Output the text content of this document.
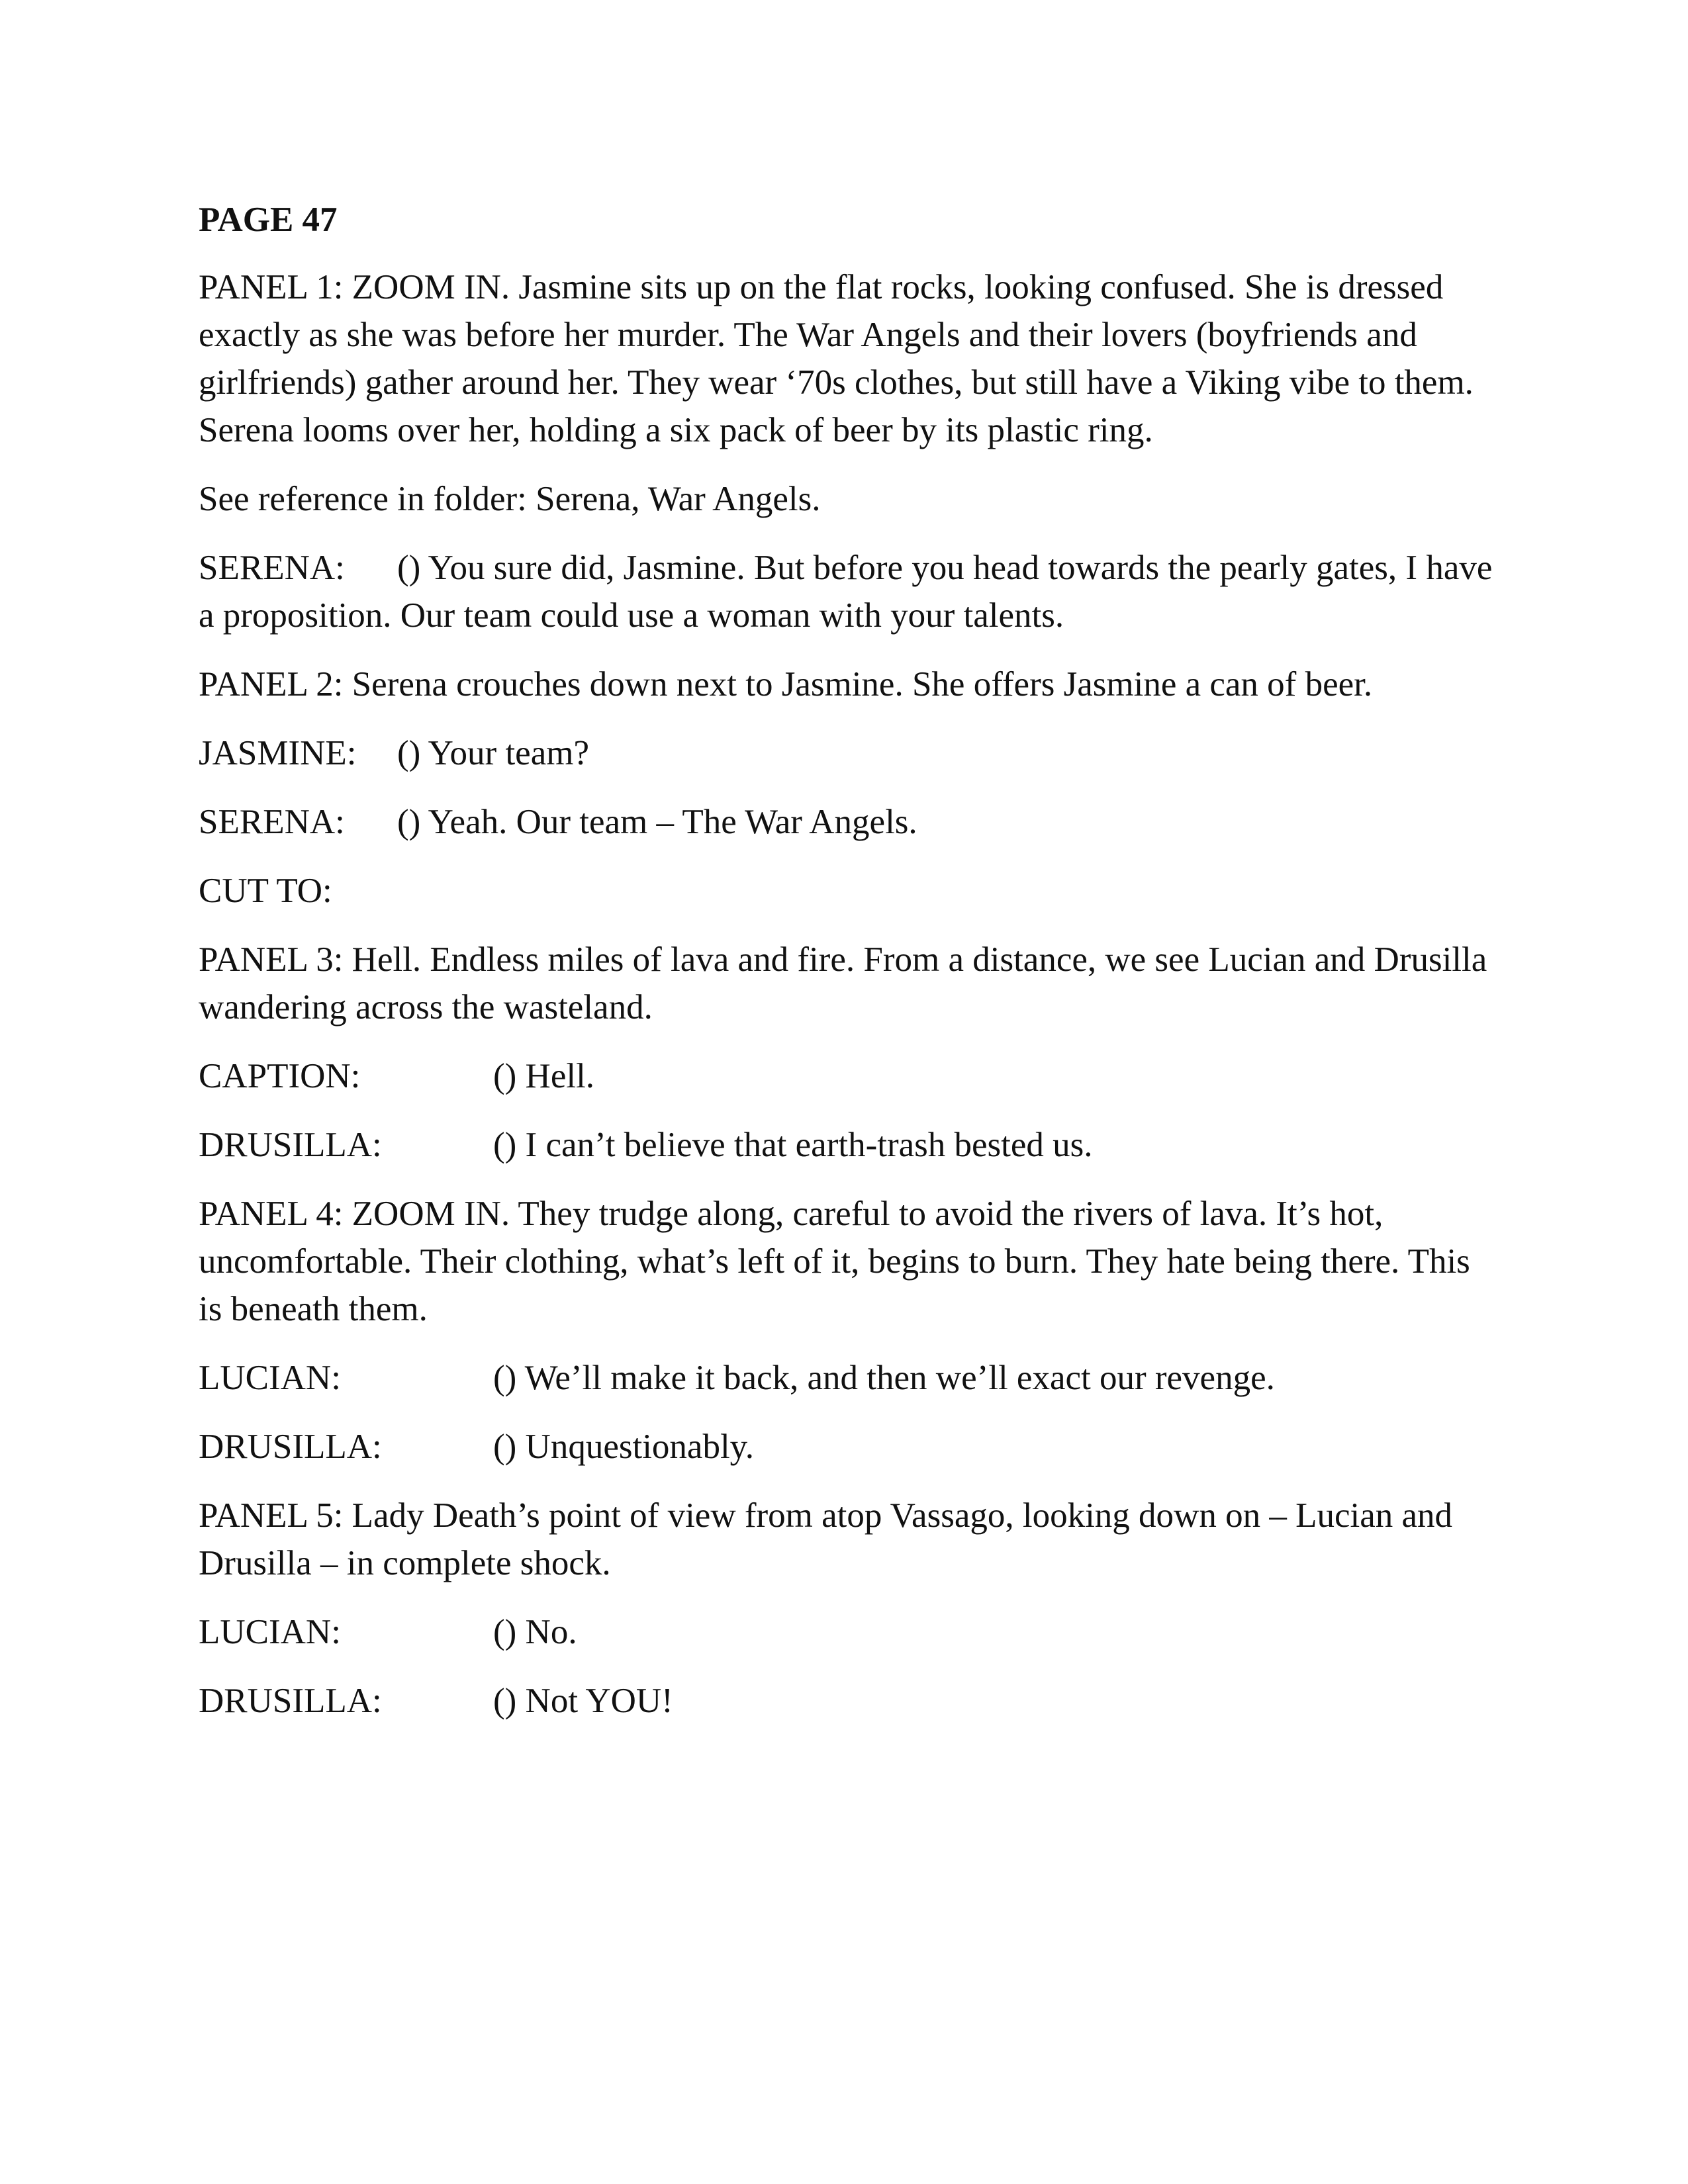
PAGE 47
PANEL 1: ZOOM IN. Jasmine sits up on the flat rocks, looking confused. She is dressed exactly as she was before her murder. The War Angels and their lovers (boyfriends and girlfriends) gather around her. They wear ‘70s clothes, but still have a Viking vibe to them. Serena looms over her, holding a six pack of beer by its plastic ring.
See reference in folder: Serena, War Angels.
SERENA: () You sure did, Jasmine. But before you head towards the pearly gates, I have a proposition. Our team could use a woman with your talents.
PANEL 2: Serena crouches down next to Jasmine. She offers Jasmine a can of beer.
JASMINE:	() Your team?
SERENA:	() Yeah. Our team – The War Angels.
CUT TO:
PANEL 3: Hell. Endless miles of lava and fire. From a distance, we see Lucian and Drusilla wandering across the wasteland.
CAPTION:	() Hell.
DRUSILLA:	() I can’t believe that earth-trash bested us.
PANEL 4: ZOOM IN. They trudge along, careful to avoid the rivers of lava. It’s hot, uncomfortable. Their clothing, what’s left of it, begins to burn. They hate being there. This is beneath them.
LUCIAN:	() We’ll make it back, and then we’ll exact our revenge.
DRUSILLA:	() Unquestionably.
PANEL 5: Lady Death’s point of view from atop Vassago, looking down on – Lucian and Drusilla – in complete shock.
LUCIAN:	() No.
DRUSILLA:	() Not YOU!
